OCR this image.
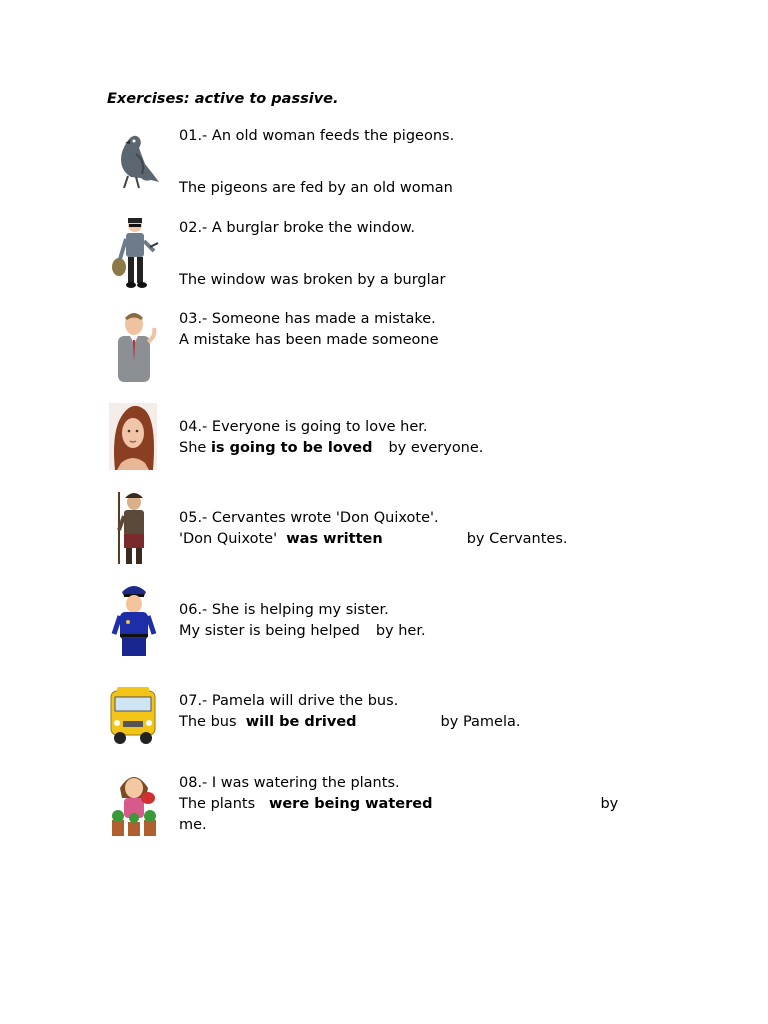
Exercises: active to passive.
01.- An old woman feeds the pigeons.
The pigeons are fed by an old woman
02.- A burglar broke the window.
The window was broken by a burglar
03.- Someone has made a mistake.
A mistake has been made someone
04.- Everyone is going to love her.
She is going to be loved by everyone.
05.- Cervantes wrote 'Don Quixote'.
'Don Quixote'  was written	by Cervantes.
06.- She is helping my sister.
My sister is being helped by her.
07.- Pamela will drive the bus.
The bus  will be drived	by Pamela.
08.- I was watering the plants.
The plants   were being watered	by
me.
